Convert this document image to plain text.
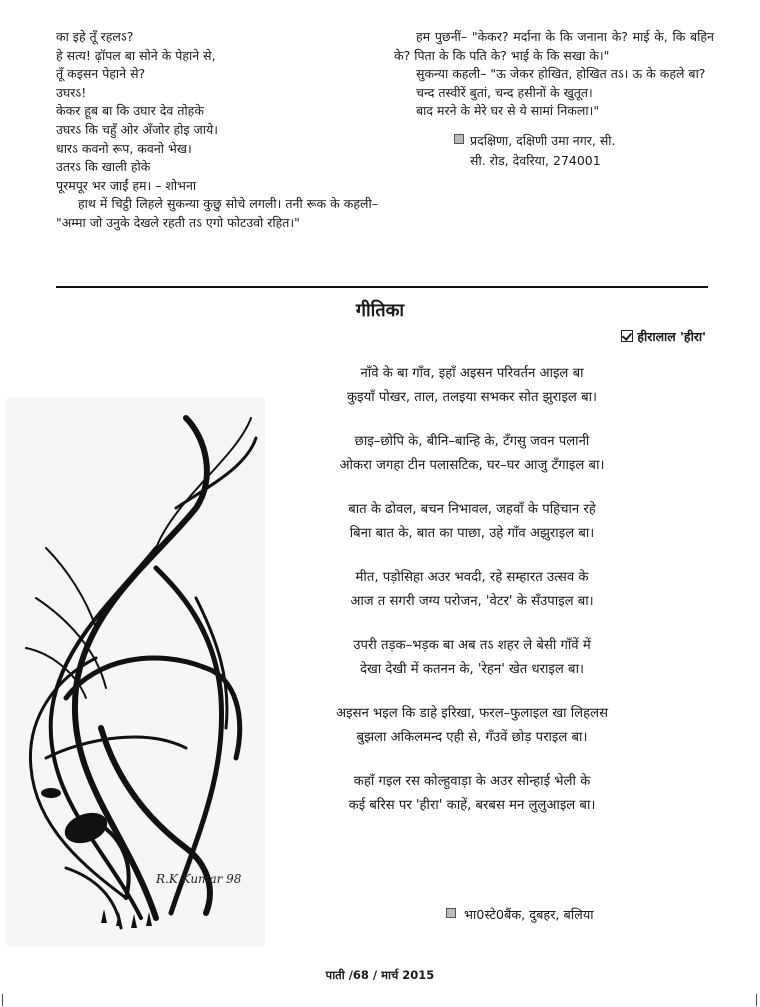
का इहे तूँ रहलऽ?
हे सत्य! ढ़ॉपल बा सोने के पेहाने से,
तूँ कइसन पेहाने से?
उघरऽ!
केकर हूब बा कि उघार देव तोहके
उघरऽ कि चहुँ ओर अँजोर होइ जाये।
धारऽ कवनो रूप, कवनो भेख।
उतरऽ कि खाली होके
पूरमपूर भर जाईं हम। – शोभना
हाथ में चिट्ठी लिहले सुकन्या कुछु सोचे लगली। तनी रूक के कहली– "अम्मा जो उनुके देखले रहती तऽ एगो फोटउवो रहित।"
हम पुछनीं– "केकर? मर्दाना के कि जनाना के? माई के, कि बहिन के? पिता के कि पति के? भाई के कि सखा के।"
सुकन्या कहली– "ऊ जेकर होखित, होखित तऽ। ऊ के कहले बा?
चन्द तस्वीरें बुतां, चन्द हसीनों के खुतूत।
बाद मरने के मेरे घर से ये सामां निकला।"
प्रदक्षिणा, दक्षिणी उमा नगर, सी.
सी. रोड, देवरिया, 274001
गीतिका
हीरालाल 'हीरा'
R.K.Kumar 98
नाँवे के बा गाँव, इहाँ अइसन परिवर्तन आइल बा
कुइयाँ पोखर, ताल, तलइया सभकर सोत झुराइल बा।
छाइ–छोपि के, बीनि–बान्हि के, टँगसु जवन पलानी
ओकरा जगहा टीन पलासटिक, घर–घर आजु टँगाइल बा।
बात के ढोवल, बचन निभावल, जहवाँ के पहिचान रहे
बिना बात के, बात का पाछा, उहे गाँव अझुराइल बा।
मीत, पड़ोसिहा अउर भवदी, रहे सम्हारत उत्सव के
आज त सगरी जग्य परोजन, 'वेटर' के सँउपाइल बा।
उपरी तड़क–भड़क बा अब तऽ शहर ले बेसी गाँवें में
देखा देखी में कतनन के, 'रेहन' खेत धराइल बा।
अइसन भइल कि डाहे इरिखा, फरल–फुलाइल खा लिहलस
बुझला अकिलमन्द एही से, गँउवें छोड़ पराइल बा।
कहाँ गइल रस कोल्हुवाड़ा के अउर सोन्हाई भेली के
कई बरिस पर 'हीरा' काहें, बरबस मन लुलुआइल बा।
भा0स्टे0बैंक, दुबहर, बलिया
पाती /68 / मार्च 2015
